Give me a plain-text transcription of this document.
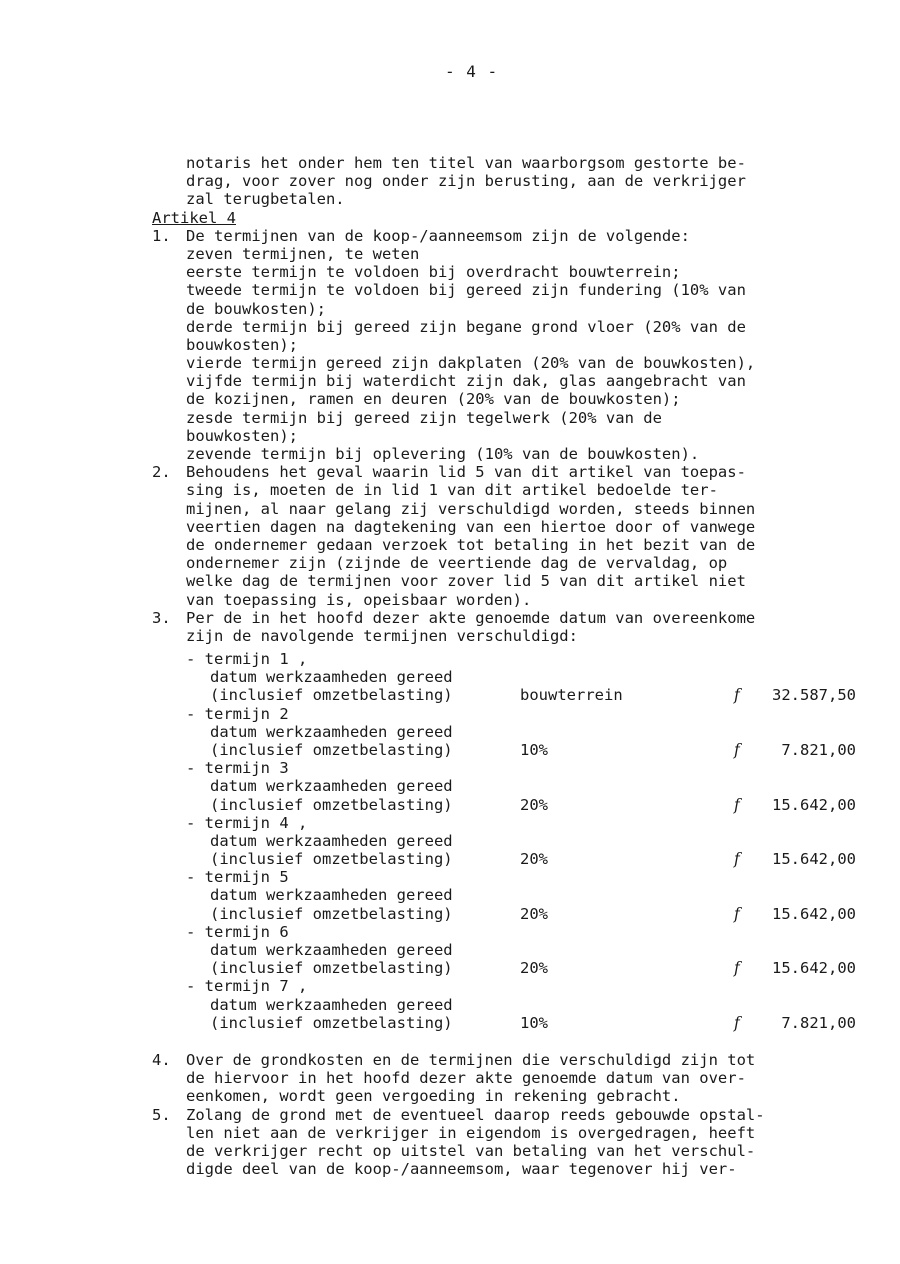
- 4 -
notaris het onder hem ten titel van waarborgsom gestorte be-
drag, voor zover nog onder zijn berusting, aan de verkrijger
zal terugbetalen.
Artikel 4
1. De termijnen van de koop-/aanneemsom zijn de volgende:
zeven termijnen, te weten
eerste termijn te voldoen bij overdracht bouwterrein;
tweede termijn te voldoen bij gereed zijn fundering (10% van
de bouwkosten);
derde termijn bij gereed zijn begane grond vloer (20% van de
bouwkosten);
vierde termijn gereed zijn dakplaten (20% van de bouwkosten),
vijfde termijn bij waterdicht zijn dak, glas aangebracht van
de kozijnen, ramen en deuren (20% van de bouwkosten);
zesde termijn bij gereed zijn tegelwerk (20% van de
bouwkosten);
zevende termijn bij oplevering (10% van de bouwkosten).
2. Behoudens het geval waarin lid 5 van dit artikel van toepas-
sing is, moeten de in lid 1 van dit artikel bedoelde ter-
mijnen, al naar gelang zij verschuldigd worden, steeds binnen
veertien dagen na dagtekening van een hiertoe door of vanwege
de ondernemer gedaan verzoek tot betaling in het bezit van de
ondernemer zijn (zijnde de veertiende dag de vervaldag, op
welke dag de termijnen voor zover lid 5 van dit artikel niet
van toepassing is, opeisbaar worden).
3. Per de in het hoofd dezer akte genoemde datum van overeenkome
zijn de navolgende termijnen verschuldigd:
- termijn 1 ,
datum werkzaamheden gereed
(inclusief omzetbelasting)	bouwterrein	f	32.587,50
- termijn 2
datum werkzaamheden gereed
(inclusief omzetbelasting)	10%	f	7.821,00
- termijn 3
datum werkzaamheden gereed
(inclusief omzetbelasting)	20%	f	15.642,00
- termijn 4 ,
datum werkzaamheden gereed
(inclusief omzetbelasting)	20%	f	15.642,00
- termijn 5
datum werkzaamheden gereed
(inclusief omzetbelasting)	20%	f	15.642,00
- termijn 6
datum werkzaamheden gereed
(inclusief omzetbelasting)	20%	f	15.642,00
- termijn 7 ,
datum werkzaamheden gereed
(inclusief omzetbelasting)	10%	f	7.821,00
4. Over de grondkosten en de termijnen die verschuldigd zijn tot
de hiervoor in het hoofd dezer akte genoemde datum van over-
eenkomen, wordt geen vergoeding in rekening gebracht.
5. Zolang de grond met de eventueel daarop reeds gebouwde opstal-
len niet aan de verkrijger in eigendom is overgedragen, heeft
de verkrijger recht op uitstel van betaling van het verschul-
digde deel van de koop-/aanneemsom, waar tegenover hij ver-
